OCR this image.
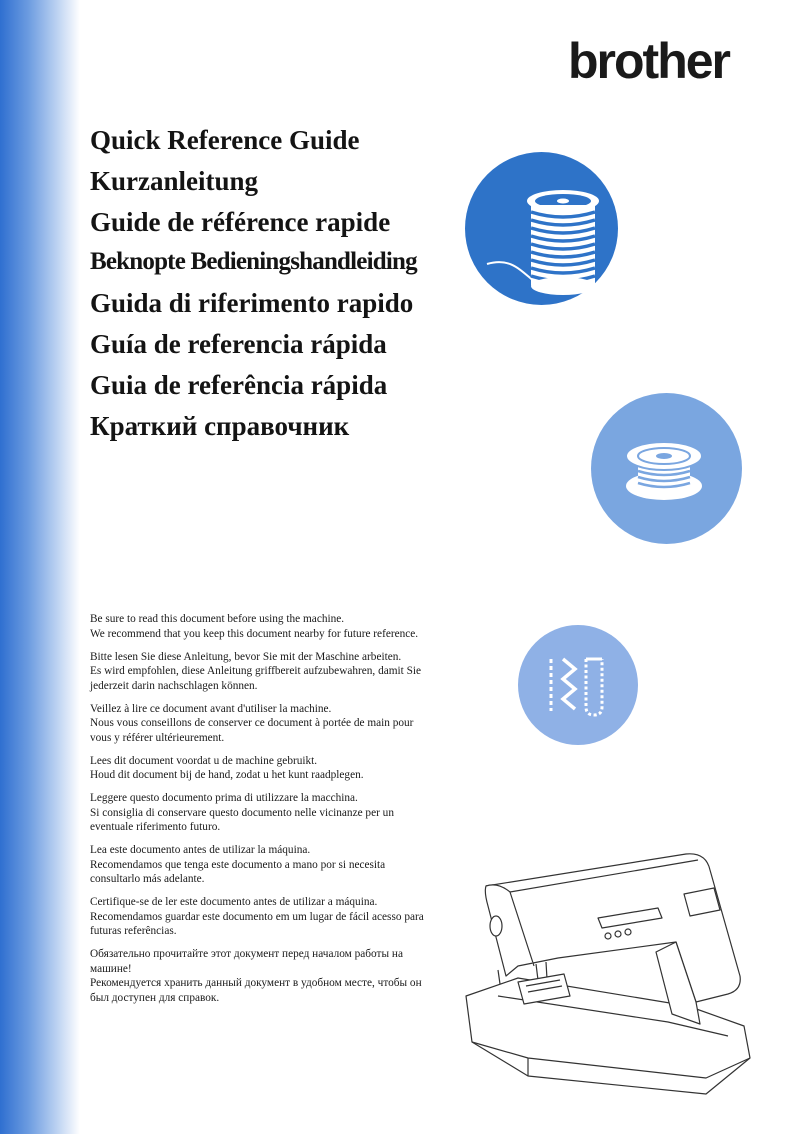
brother
Quick Reference Guide
Kurzanleitung
Guide de référence rapide
Beknopte Bedieningshandleiding
Guida di riferimento rapido
Guía de referencia rápida
Guia de referência rápida
Краткий справочник

Be sure to read this document before using the machine.
We recommend that you keep this document nearby for future reference.

Bitte lesen Sie diese Anleitung, bevor Sie mit der Maschine arbeiten.
Es wird empfohlen, diese Anleitung griffbereit aufzubewahren, damit Sie jederzeit darin nachschlagen können.

Veillez à lire ce document avant d'utiliser la machine.
Nous vous conseillons de conserver ce document à portée de main pour vous y référer ultérieurement.

Lees dit document voordat u de machine gebruikt.
Houd dit document bij de hand, zodat u het kunt raadplegen.

Leggere questo documento prima di utilizzare la macchina.
Si consiglia di conservare questo documento nelle vicinanze per un eventuale riferimento futuro.

Lea este documento antes de utilizar la máquina.
Recomendamos que tenga este documento a mano por si necesita consultarlo más adelante.

Certifique-se de ler este documento antes de utilizar a máquina.
Recomendamos guardar este documento em um lugar de fácil acesso para futuras referências.

Обязательно прочитайте этот документ перед началом работы на машине!
Рекомендуется хранить данный документ в удобном месте, чтобы он был доступен для справок.
